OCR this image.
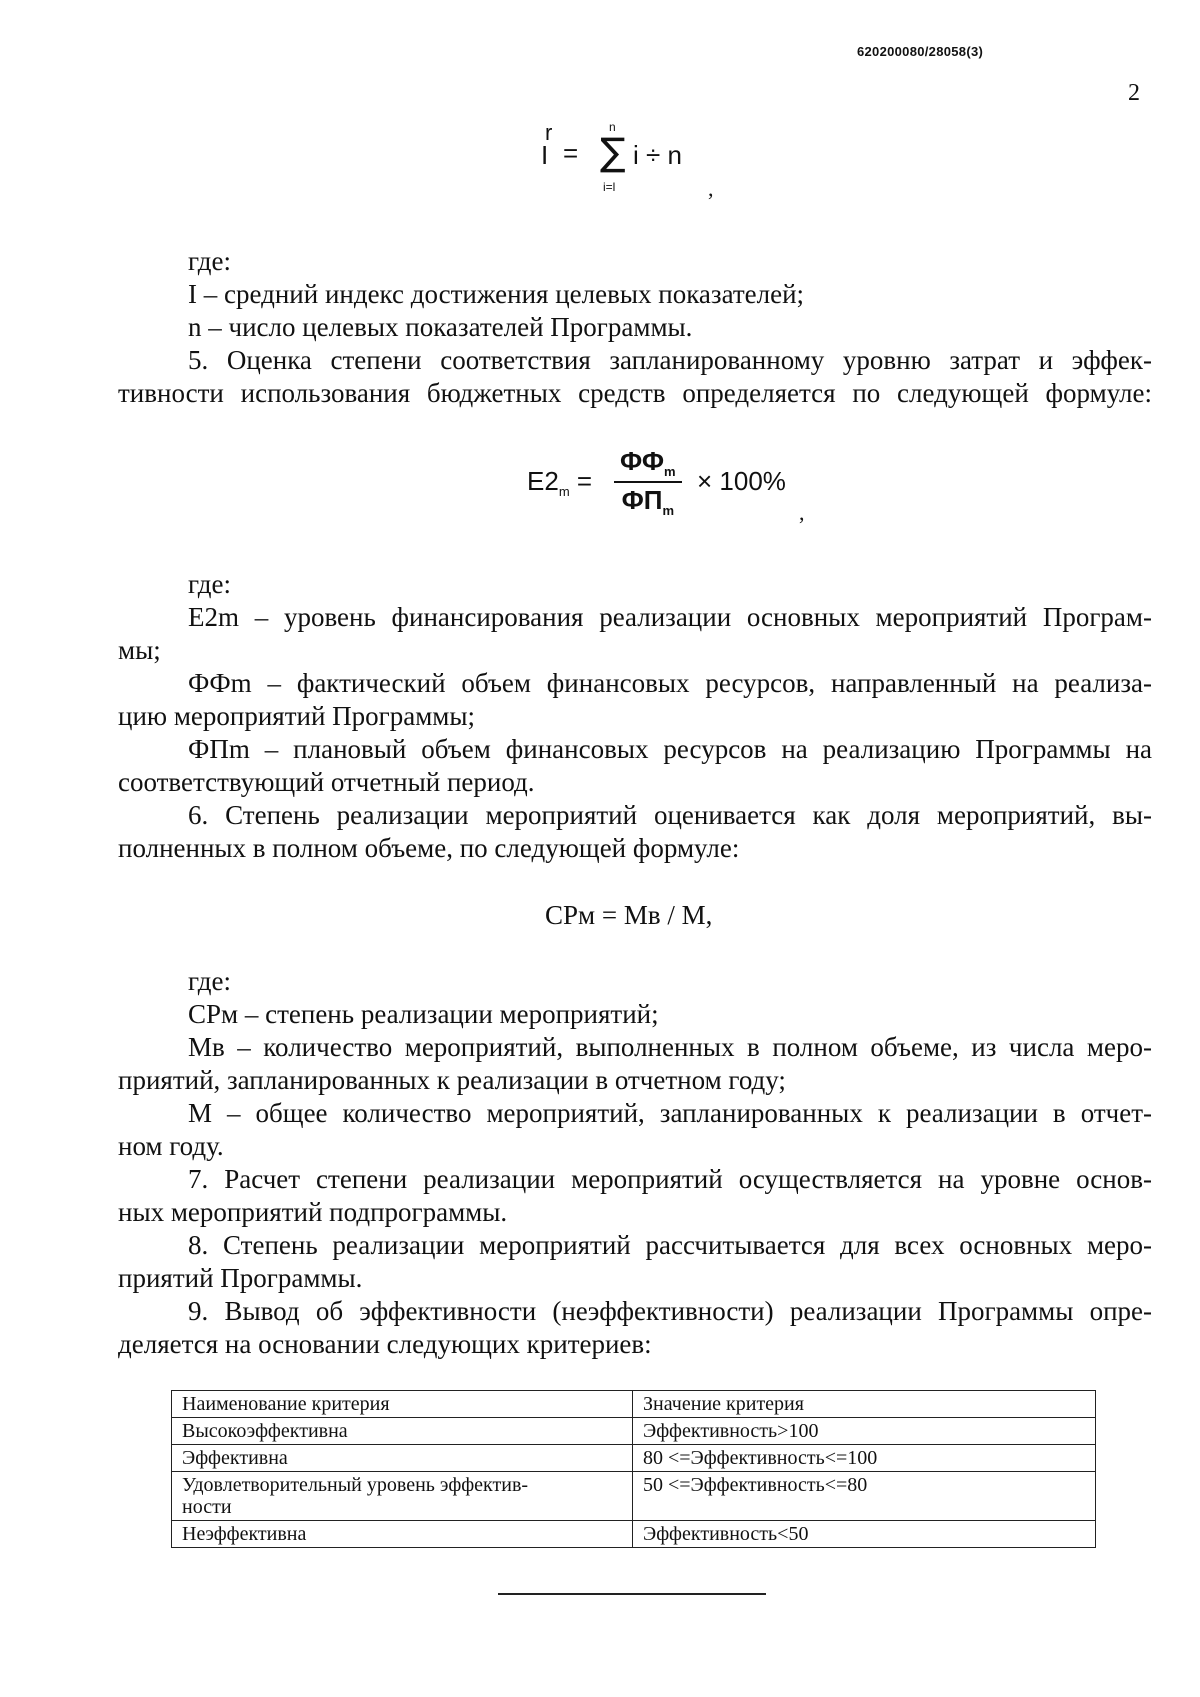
620200080/28058(3)
2
r
I =
n
∑
i=l
i ÷ n
,
где:
I – средний индекс достижения целевых показателей;
n – число целевых показателей Программы.
5. Оценка степени соответствия запланированному уровню затрат и эффек-
тивности использования бюджетных средств определяется по следующей формуле:
$E2_m$ =
$ФФ_m$
$ФП_m$
× 100%
,
где:
E2m – уровень финансирования реализации основных мероприятий Програм-
мы;
ФФm – фактический объем финансовых ресурсов, направленный на реализа-
цию мероприятий Программы;
ФПm – плановый объем финансовых ресурсов на реализацию Программы на
соответствующий отчетный период.
6. Степень реализации мероприятий оценивается как доля мероприятий, вы-
полненных в полном объеме, по следующей формуле:
СРм = Мв / М,
где:
СРм – степень реализации мероприятий;
Мв – количество мероприятий, выполненных в полном объеме, из числа меро-
приятий, запланированных к реализации в отчетном году;
М – общее количество мероприятий, запланированных к реализации в отчет-
ном году.
7. Расчет степени реализации мероприятий осуществляется на уровне основ-
ных мероприятий подпрограммы.
8. Степень реализации мероприятий рассчитывается для всех основных меро-
приятий Программы.
9. Вывод об эффективности (неэффективности) реализации Программы опре-
деляется на основании следующих критериев:
Наименование критерия	Значение критерия
Высокоэффективна	Эффективность>100
Эффективна	80 <=Эффективность<=100
Удовлетворительный уровень эффектив-
ности	50 <=Эффективность<=80
Неэффективна	Эффективность<50
